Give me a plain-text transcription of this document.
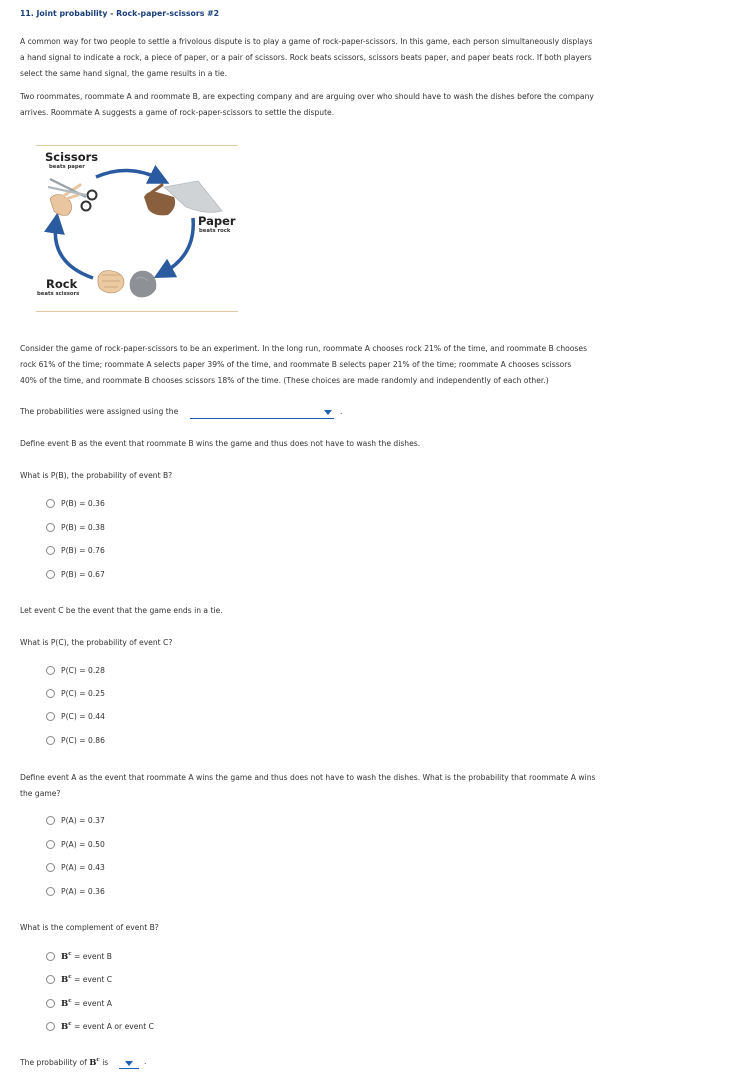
11. Joint probability - Rock-paper-scissors #2
A common way for two people to settle a frivolous dispute is to play a game of rock-paper-scissors. In this game, each person simultaneously displays
a hand signal to indicate a rock, a piece of paper, or a pair of scissors. Rock beats scissors, scissors beats paper, and paper beats rock. If both players
select the same hand signal, the game results in a tie.
Two roommates, roommate A and roommate B, are expecting company and are arguing over who should have to wash the dishes before the company
arrives. Roommate A suggests a game of rock-paper-scissors to settle the dispute.
Scissors
beats paper
Paper
beats rock
Rock
beats scissors
Consider the game of rock-paper-scissors to be an experiment. In the long run, roommate A chooses rock 21% of the time, and roommate B chooses
rock 61% of the time; roommate A selects paper 39% of the time, and roommate B selects paper 21% of the time; roommate A chooses scissors
40% of the time, and roommate B chooses scissors 18% of the time. (These choices are made randomly and independently of each other.)
The probabilities were assigned using the	.
Define event B as the event that roommate B wins the game and thus does not have to wash the dishes.
What is P(B), the probability of event B?
P(B) = 0.36
P(B) = 0.38
P(B) = 0.76
P(B) = 0.67
Let event C be the event that the game ends in a tie.
What is P(C), the probability of event C?
P(C) = 0.28
P(C) = 0.25
P(C) = 0.44
P(C) = 0.86
Define event A as the event that roommate A wins the game and thus does not have to wash the dishes. What is the probability that roommate A wins
the game?
P(A) = 0.37
P(A) = 0.50
P(A) = 0.43
P(A) = 0.36
What is the complement of event B?
$B^c$
= event B
$B^c$
= event C
$B^c$
= event A
$B^c$
= event A or event C
The probability of $B^c$ is	.
